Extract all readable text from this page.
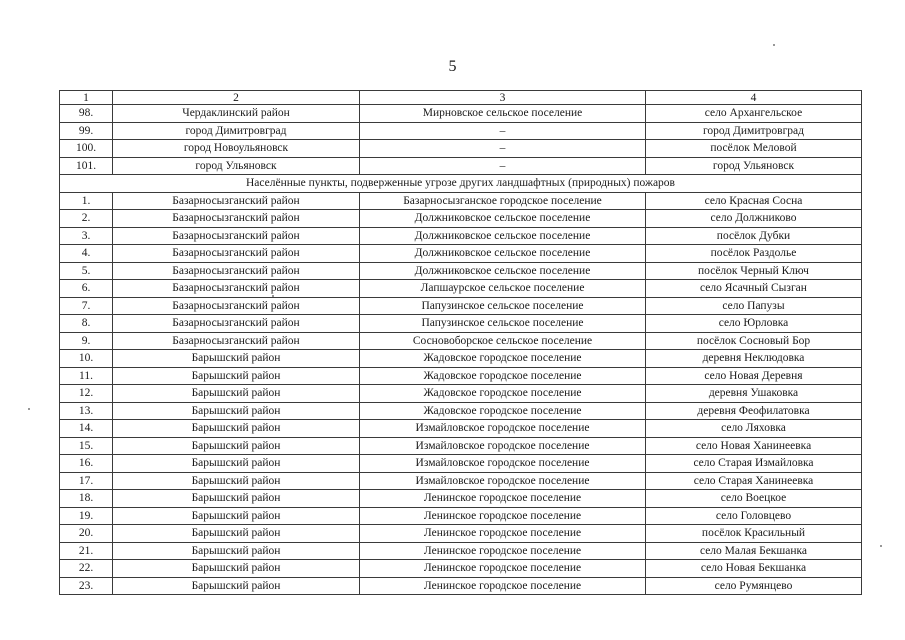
5
1	2	3	4
98.	Чердаклинский район	Мирновское сельское поселение	село Архангельское
99.	город Димитровград	–	город Димитровград
100.	город Новоульяновск	–	посёлок Меловой
101.	город Ульяновск	–	город Ульяновск
Населённые пункты, подверженные угрозе других ландшафтных (природных) пожаров			
1.	Базарносызганский район	Базарносызганское городское поселение	село Красная Сосна
2.	Базарносызганский район	Должниковское сельское поселение	село Должниково
3.	Базарносызганский район	Должниковское сельское поселение	посёлок Дубки
4.	Базарносызганский район	Должниковское сельское поселение	посёлок Раздолье
5.	Базарносызганский район	Должниковское сельское поселение	посёлок Черный Ключ
6.	Базарносызганский район	Лапшаурское сельское поселение	село Ясачный Сызган
7.	Базарносызганский район	Папузинское сельское поселение	село Папузы
8.	Базарносызганский район	Папузинское сельское поселение	село Юрловка
9.	Базарносызганский район	Сосновоборское сельское поселение	посёлок Сосновый Бор
10.	Барышский район	Жадовское городское поселение	деревня Неклюдовка
11.	Барышский район	Жадовское городское поселение	село Новая Деревня
12.	Барышский район	Жадовское городское поселение	деревня Ушаковка
13.	Барышский район	Жадовское городское поселение	деревня Феофилатовка
14.	Барышский район	Измайловское городское поселение	село Ляховка
15.	Барышский район	Измайловское городское поселение	село Новая Ханинеевка
16.	Барышский район	Измайловское городское поселение	село Старая Измайловка
17.	Барышский район	Измайловское городское поселение	село Старая Ханинеевка
18.	Барышский район	Ленинское городское поселение	село Воецкое
19.	Барышский район	Ленинское городское поселение	село Головцево
20.	Барышский район	Ленинское городское поселение	посёлок Красильный
21.	Барышский район	Ленинское городское поселение	село Малая Бекшанка
22.	Барышский район	Ленинское городское поселение	село Новая Бекшанка
23.	Барышский район	Ленинское городское поселение	село Румянцево
